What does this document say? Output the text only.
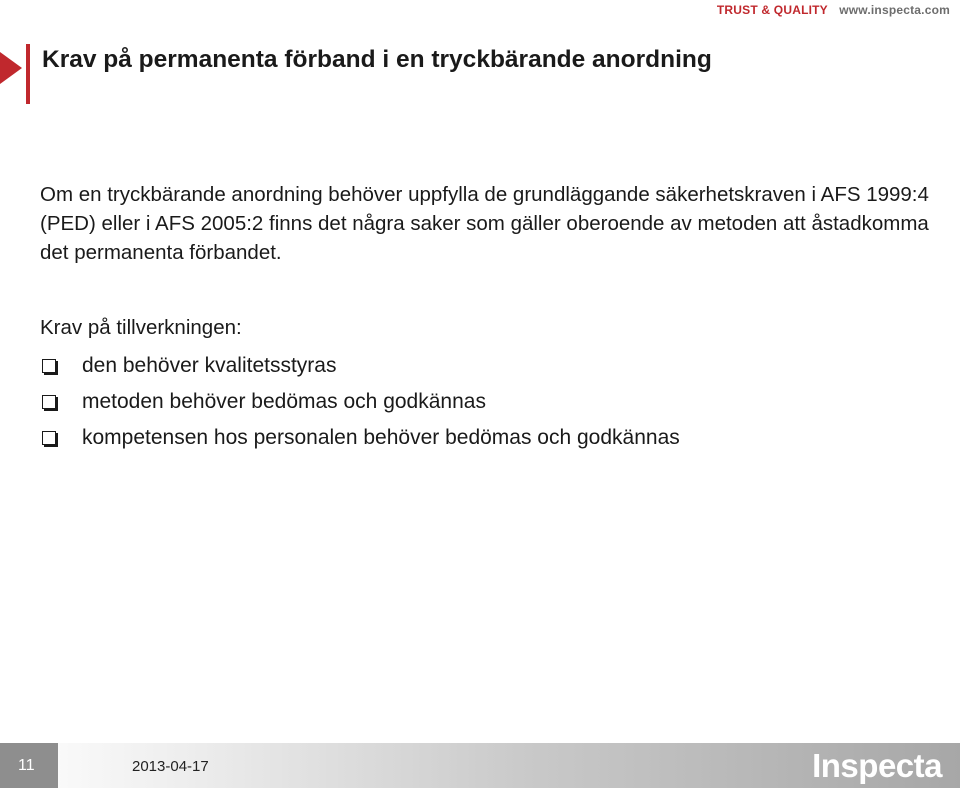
TRUST & QUALITY www.inspecta.com
Krav på permanenta förband i en tryckbärande anordning

Om en tryckbärande anordning behöver uppfylla de grundläggande säkerhetskraven i AFS 1999:4 (PED) eller i AFS 2005:2 finns det några saker som gäller oberoende av metoden att åstadkomma det permanenta förbandet.

Krav på tillverkningen:

den behöver kvalitetsstyras
metoden behöver bedömas och godkännas
kompetensen hos personalen behöver bedömas och godkännas
11	2013-04-17	Inspecta
